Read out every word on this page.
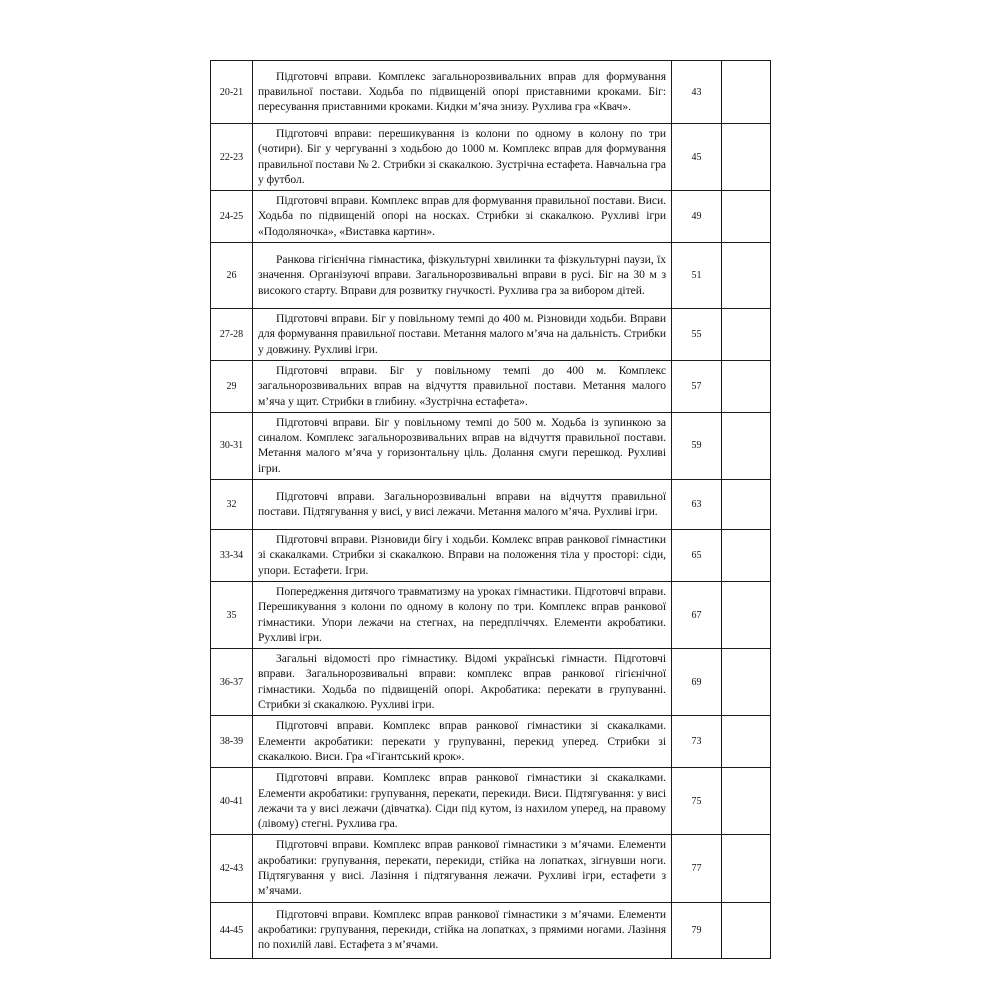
20-21	Підготовчі вправи. Комплекс загальнорозвивальних вправ для формування правильної постави. Ходьба по підвищеній опорі приставними кроками. Біг: пересування приставними кроками. Кидки м’яча знизу. Рухлива гра «Квач».	43	
22-23	Підготовчі вправи: перешикування із колони по одному в колону по три (чотири). Біг у чергуванні з ходьбою до 1000 м. Комплекс вправ для формування правильної постави № 2. Стрибки зі скакалкою. Зустрічна естафета. Навчальна гра у футбол.	45	
24-25	Підготовчі вправи. Комплекс вправ для формування правильної постави. Виси. Ходьба по підвищеній опорі на носках. Стрибки зі скакалкою. Рухливі ігри «Подоляночка», «Виставка картин».	49	
26	Ранкова гігієнічна гімнастика, фізкультурні хвилинки та фізкультурні паузи, їх значення. Організуючі вправи. Загальнорозвивальні вправи в русі. Біг на 30 м з високого старту. Вправи для розвитку гнучкості. Рухлива гра за вибором дітей.	51	
27-28	Підготовчі вправи. Біг у повільному темпі до 400 м. Різновиди ходьби. Вправи для формування правильної постави. Метання малого м’яча на дальність. Стрибки у довжину. Рухливі ігри.	55	
29	Підготовчі вправи. Біг у повільному темпі до 400 м. Комплекс загальнорозвивальних вправ на відчуття правильної постави. Метання малого м’яча у щит. Стрибки в глибину. «Зустрічна естафета».	57	
30-31	Підготовчі вправи. Біг у повільному темпі до 500 м. Ходьба із зупинкою за синалом. Комплекс загальнорозвивальних вправ на відчуття правильної постави. Метання малого м’яча у горизонтальну ціль. Долання смуги перешкод. Рухливі ігри.	59	
32	Підготовчі вправи. Загальнорозвивальні вправи на відчуття правильної постави. Підтягування у висі, у висі лежачи. Метання малого м’яча. Рухливі ігри.	63	
33-34	Підготовчі вправи. Різновиди бігу і ходьби. Комлекс вправ ранкової гімнастики зі скакалками. Стрибки зі скакалкою. Вправи на положення тіла у просторі: сіди, упори. Естафети. Ігри.	65	
35	Попередження дитячого травматизму на уроках гімнастики. Підготовчі вправи. Перешикування з колони по одному в колону по три. Комплекс вправ ранкової гімнастики. Упори лежачи на стегнах, на передпліччях. Елементи акробатики. Рухливі ігри.	67	
36-37	Загальні відомості про гімнастику. Відомі українські гімнасти. Підготовчі вправи. Загальнорозвивальні вправи: комплекс вправ ранкової гігієнічної гімнастики. Ходьба по підвищеній опорі. Акробатика: перекати в групуванні. Стрибки зі скакалкою. Рухливі ігри.	69	
38-39	Підготовчі вправи. Комплекс вправ ранкової гімнастики зі скакалками. Елементи акробатики: перекати у групуванні, перекид уперед. Стрибки зі скакалкою. Виси. Гра «Гігантський крок».	73	
40-41	Підготовчі вправи. Комплекс вправ ранкової гімнастики зі скакалками. Елементи акробатики: групування, перекати, перекиди. Виси. Підтягування: у висі лежачи та у висі лежачи (дівчатка). Сіди під кутом, із нахилом уперед, на правому (лівому) стегні. Рухлива гра.	75	
42-43	Підготовчі вправи. Комплекс вправ ранкової гімнастики з м’ячами. Елементи акробатики: групування, перекати, перекиди, стійка на лопатках, зігнувши ноги. Підтягування у висі. Лазіння і підтягування лежачи. Рухливі ігри, естафети з м’ячами.	77	
44-45	Підготовчі вправи. Комплекс вправ ранкової гімнастики з м’ячами. Елементи акробатики: групування, перекиди, стійка на лопатках, з прямими ногами. Лазіння по похилій лаві. Естафета з м’ячами.	79	
